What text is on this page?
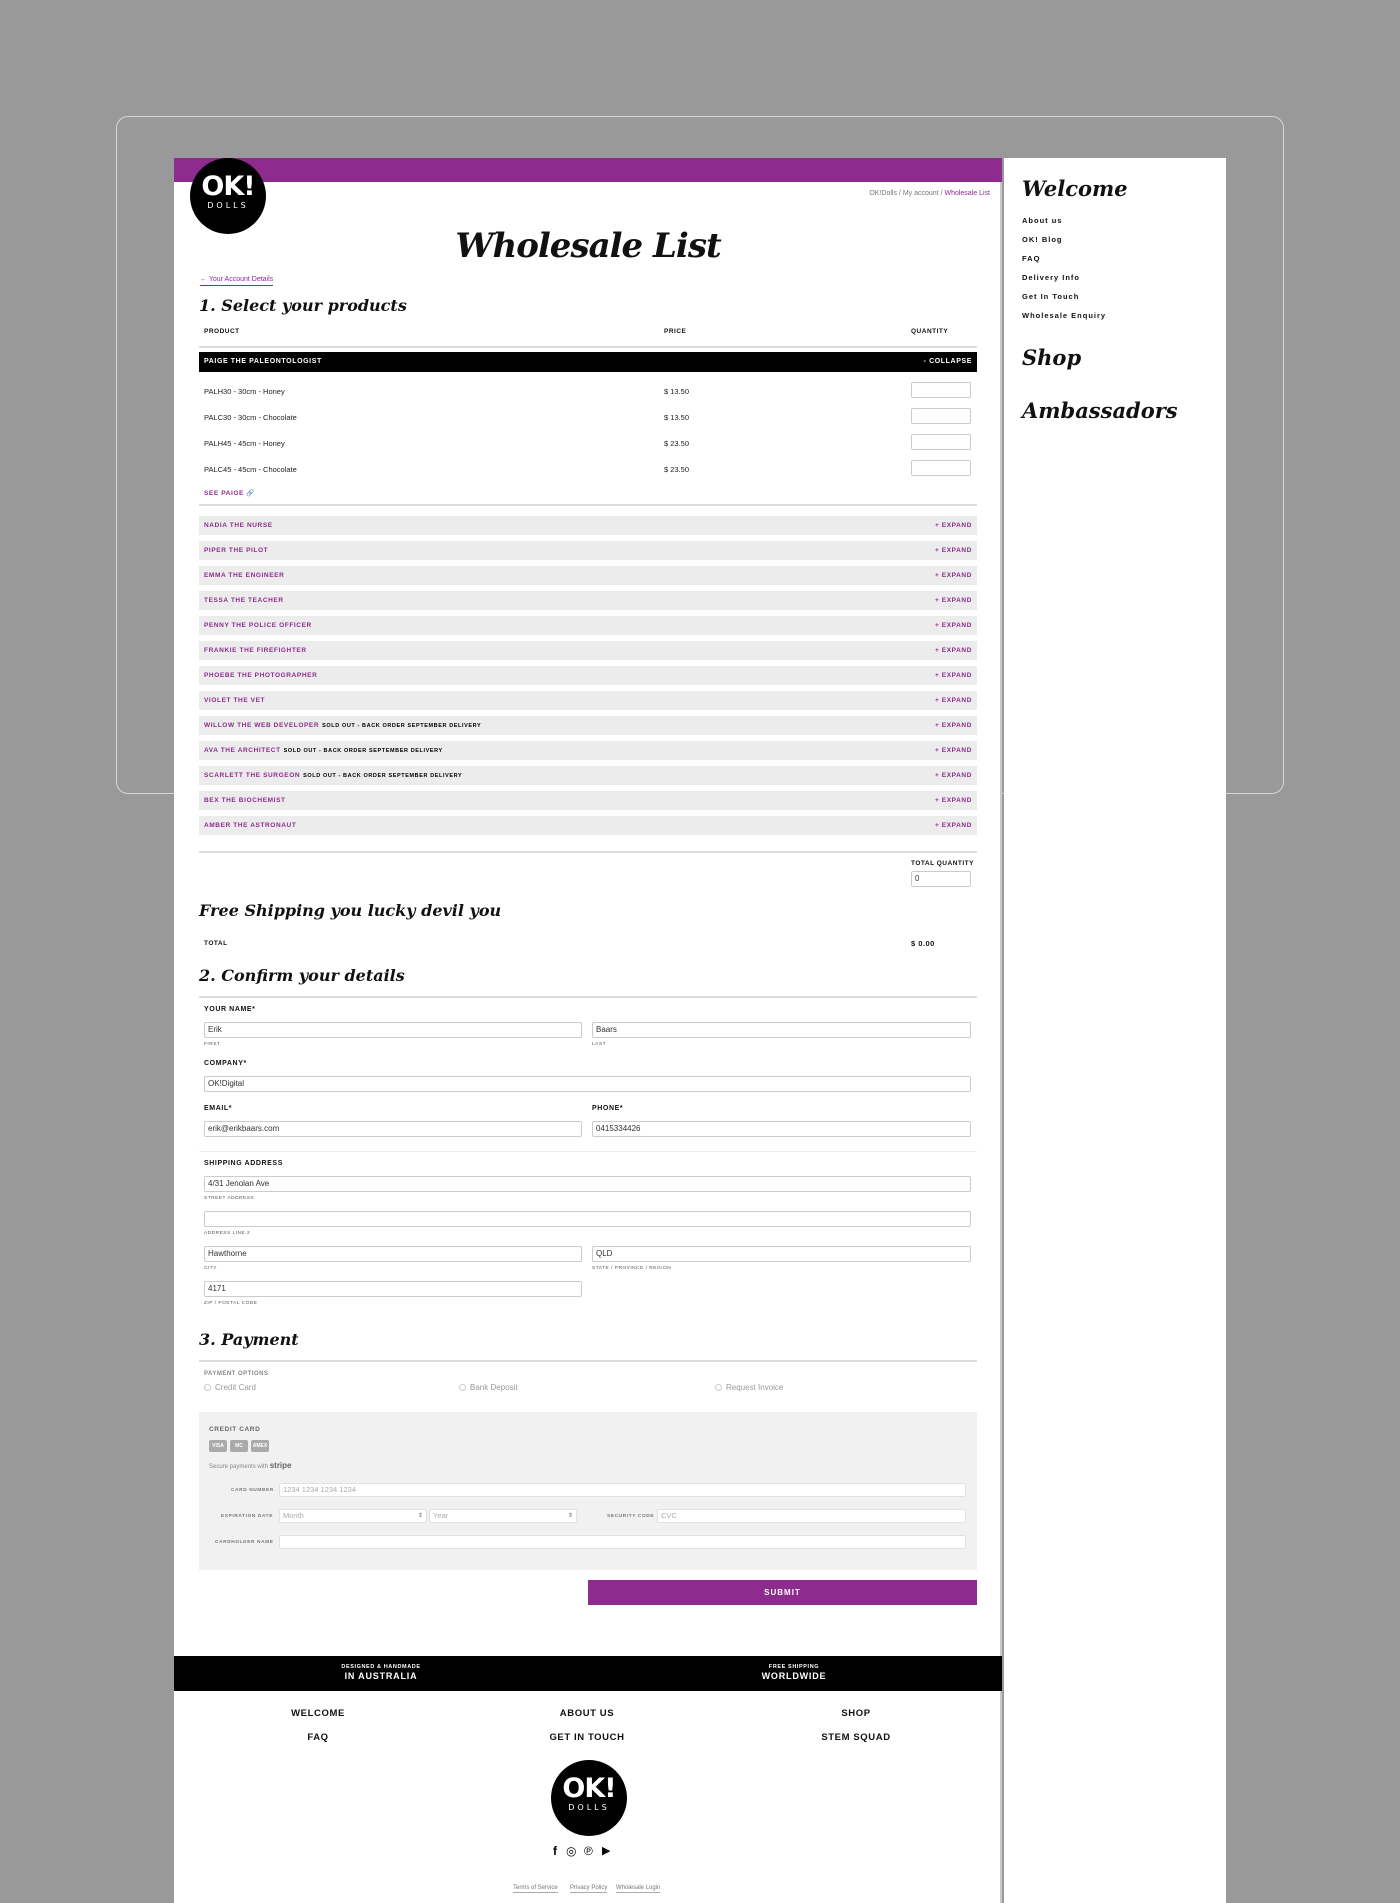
OK!
DOLLS
OK!Dolls / My account / Wholesale List
Wholesale List
← Your Account Details
1. Select your products
PRODUCT	PRICE	QUANTITY
PAIGE THE PALEONTOLOGIST	- COLLAPSE
PALH30 - 30cm - Honey	$ 13.50
PALC30 - 30cm - Chocolate	$ 13.50
PALH45 - 45cm - Honey	$ 23.50
PALC45 - 45cm - Chocolate	$ 23.50
SEE PAIGE 🔗
NADIA THE NURSE	+ EXPAND
PIPER THE PILOT	+ EXPAND
EMMA THE ENGINEER	+ EXPAND
TESSA THE TEACHER	+ EXPAND
PENNY THE POLICE OFFICER	+ EXPAND
FRANKIE THE FIREFIGHTER	+ EXPAND
PHOEBE THE PHOTOGRAPHER	+ EXPAND
VIOLET THE VET	+ EXPAND
WILLOW THE WEB DEVELOPER SOLD OUT - BACK ORDER SEPTEMBER DELIVERY	+ EXPAND
AVA THE ARCHITECT SOLD OUT - BACK ORDER SEPTEMBER DELIVERY	+ EXPAND
SCARLETT THE SURGEON SOLD OUT - BACK ORDER SEPTEMBER DELIVERY	+ EXPAND
BEX THE BIOCHEMIST	+ EXPAND
AMBER THE ASTRONAUT	+ EXPAND
TOTAL QUANTITY
0
Free Shipping you lucky devil you
TOTAL	$ 0.00
2. Confirm your details
YOUR NAME*
Erik
FIRST
Baars
LAST
COMPANY*
OK!Digital
EMAIL*
erik@erikbaars.com
PHONE*
0415334426
SHIPPING ADDRESS
4/31 Jenolan Ave
STREET ADDRESS
ADDRESS LINE 2
Hawthorne
CITY
QLD
STATE / PROVINCE / REGION
4171
ZIP / POSTAL CODE
3. Payment
PAYMENT OPTIONS
Credit Card	Bank Deposit	Request Invoice
CREDIT CARD
VISA	MC	AMEX
Secure payments with stripe
CARD NUMBER	1234 1234 1234 1234
EXPIRATION DATE	Month	⇕	Year	⇕	SECURITY CODE CVC
CARDHOLDER NAME
SUBMIT
DESIGNED & HANDMADE
IN AUSTRALIA
FREE SHIPPING
WORLDWIDE
WELCOME	ABOUT US	SHOP
FAQ	GET IN TOUCH	STEM SQUAD
OK!
DOLLS
f ◎ ℗ ▶
Terms of Service Privacy Policy Wholesale Login
Welcome
About us
OK! Blog
FAQ
Delivery Info
Get In Touch
Wholesale Enquiry
Shop
Ambassadors
